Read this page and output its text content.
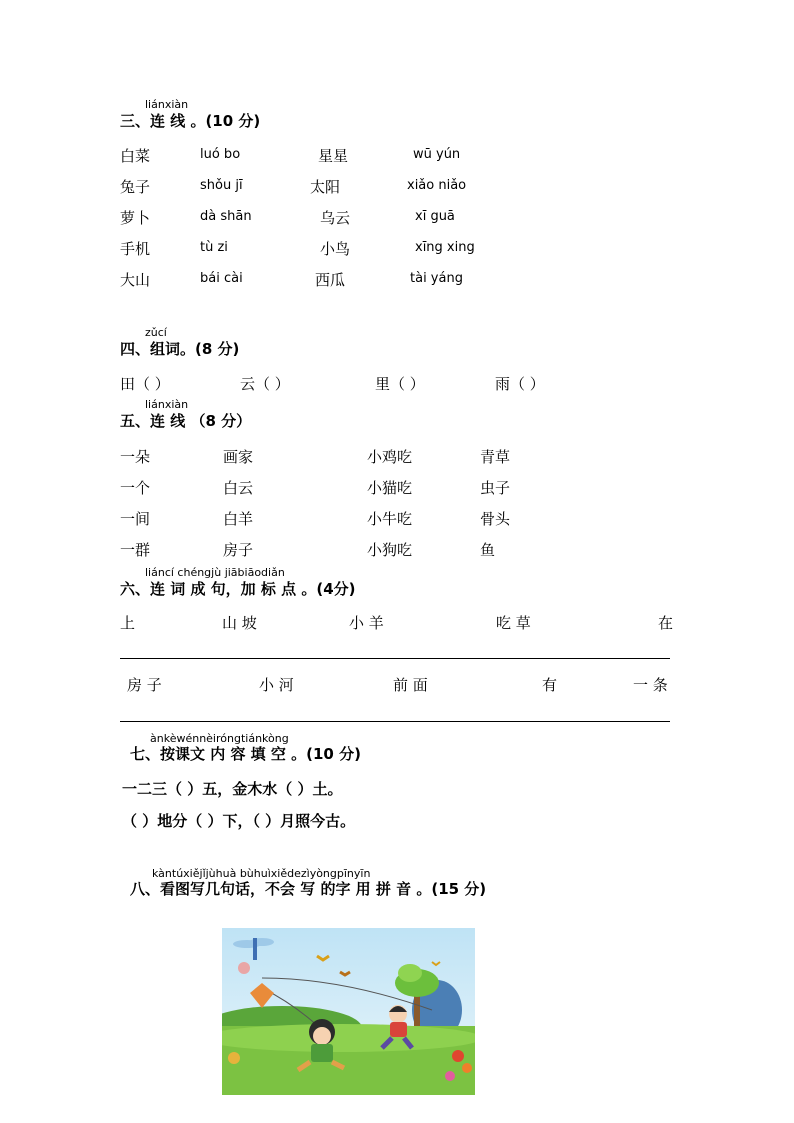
liánxiàn
三、连 线 。(10 分)
白菜	luó bo	星星	wū yún
兔子	shǒu jī	太阳	xiǎo niǎo
萝卜	dà shān	乌云	xī guā
手机	tù zi	小鸟	xīng xing
大山	bái cài	西瓜	tài yáng
zǔcí
四、组词。(8 分)
田（ ）	云（ ）	里（ ）	雨（ ）
liánxiàn
五、连 线 （8 分）
一朵	画家	小鸡吃	青草
一个	白云	小猫吃	虫子
一间	白羊	小牛吃	骨头
一群	房子	小狗吃	鱼
liáncí chéngjù jiābiāodiǎn
六、连 词 成 句，加 标 点 。(4分)
上	山 坡	小 羊	吃 草	在
房 子	小 河	前 面	有	一 条
ànkèwénnèiróngtiánkòng
七、按课文 内 容 填 空 。(10 分)
一二三（ ）五，金木水（ ）土。
（ ）地分（ ）下，（ ）月照今古。
kàntúxiějǐjùhuà bùhuìxiědezìyòngpīnyīn
八、看图写几句话，不会 写 的字 用 拼 音 。(15 分)
